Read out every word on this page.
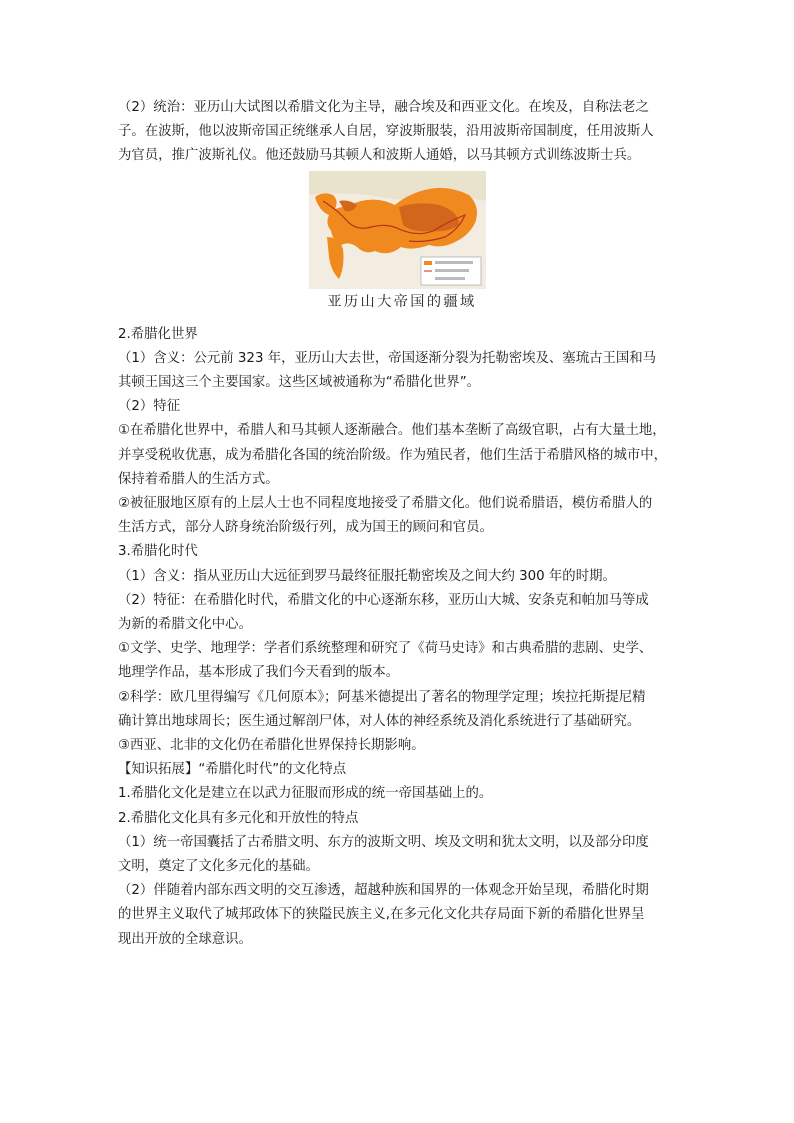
（2）统治：亚历山大试图以希腊文化为主导，融合埃及和西亚文化。在埃及，自称法老之
子。在波斯，他以波斯帝国正统继承人自居，穿波斯服装，沿用波斯帝国制度，任用波斯人
为官员，推广波斯礼仪。他还鼓励马其顿人和波斯人通婚，以马其顿方式训练波斯士兵。
亚历山大帝国的疆域
2.希腊化世界
（1）含义：公元前 323 年，亚历山大去世，帝国逐渐分裂为托勒密埃及、塞琉古王国和马
其顿王国这三个主要国家。这些区域被通称为“希腊化世界”。
（2）特征
①在希腊化世界中，希腊人和马其顿人逐渐融合。他们基本垄断了高级官职，占有大量土地，
并享受税收优惠，成为希腊化各国的统治阶级。作为殖民者，他们生活于希腊风格的城市中，
保持着希腊人的生活方式。
②被征服地区原有的上层人士也不同程度地接受了希腊文化。他们说希腊语，模仿希腊人的
生活方式，部分人跻身统治阶级行列，成为国王的顾问和官员。
3.希腊化时代
（1）含义：指从亚历山大远征到罗马最终征服托勒密埃及之间大约 300 年的时期。
（2）特征：在希腊化时代，希腊文化的中心逐渐东移，亚历山大城、安条克和帕加马等成
为新的希腊文化中心。
①文学、史学、地理学：学者们系统整理和研究了《荷马史诗》和古典希腊的悲剧、史学、
地理学作品，基本形成了我们今天看到的版本。
②科学：欧几里得编写《几何原本》；阿基米德提出了著名的物理学定理；埃拉托斯提尼精
确计算出地球周长；医生通过解剖尸体，对人体的神经系统及消化系统进行了基础研究。
③西亚、北非的文化仍在希腊化世界保持长期影响。
【知识拓展】“希腊化时代”的文化特点
1.希腊化文化是建立在以武力征服而形成的统一帝国基础上的。
2.希腊化文化具有多元化和开放性的特点
（1）统一帝国囊括了古希腊文明、东方的波斯文明、埃及文明和犹太文明，以及部分印度
文明，奠定了文化多元化的基础。
（2）伴随着内部东西文明的交互渗透，超越种族和国界的一体观念开始呈现，希腊化时期
的世界主义取代了城邦政体下的狭隘民族主义,在多元化文化共存局面下新的希腊化世界呈
现出开放的全球意识。
